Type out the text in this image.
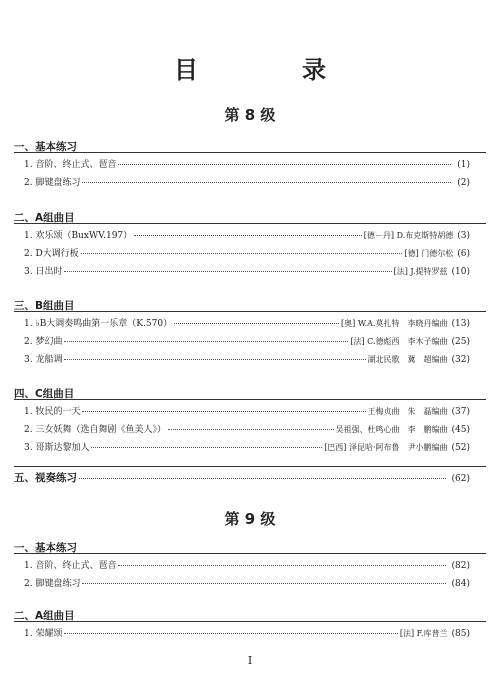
目　录
第 8 级
一、基本练习
1. 音阶、终止式、琶音	(1)
2. 脚键盘练习	(2)
二、A组曲目
1. 欢乐颂（BuxWV.197）	[德－丹] D.布克斯特胡德 (3)
2. D大调行板	[德] 门德尔松 (6)
3. 日出时	[法] J.提特罗兹 (10)
三、B组曲目
1. ♭B大调奏鸣曲第一乐章（K.570）	[奥] W.A.莫扎特　李晓丹编曲 (13)
2. 梦幻曲	[法] C.德彪西　李木子编曲 (25)
3. 龙船调	湖北民歌　冀　超编曲 (32)
四、C组曲目
1. 牧民的一天	王梅贞曲　朱　磊编曲 (37)
2. 三女妖舞（选自舞剧《鱼美人》）	吴祖强、杜鸣心曲　李　鹏编曲 (45)
3. 哥斯达黎加人	[巴西] 泽昆哈·阿布鲁　尹小鹏编曲 (52)
五、视奏练习	(62)
第 9 级
一、基本练习
1. 音阶、终止式、琶音	(82)
2. 脚键盘练习	(84)
二、A组曲目
1. 荣耀颂	[法] F.库普兰 (85)
I
